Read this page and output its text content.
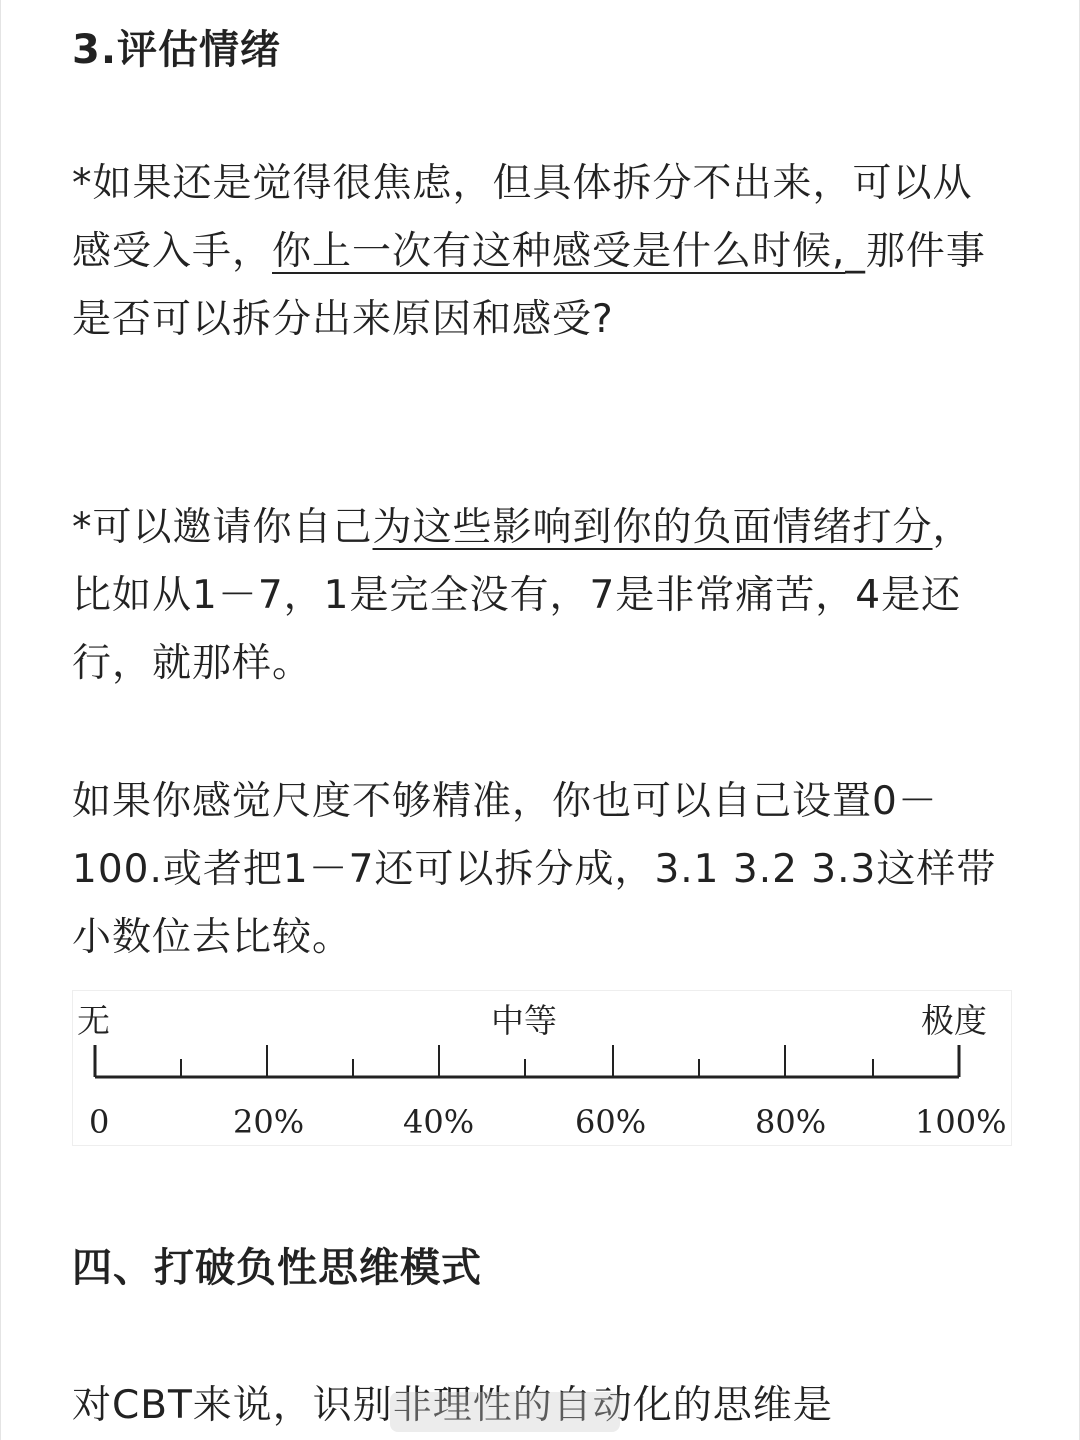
3.评估情绪

*如果还是觉得很焦虑，但具体拆分不出来，可以从感受入手，你上一次有这种感受是什么时候,_那件事是否可以拆分出来原因和感受?

*可以邀请你自己为这些影响到你的负面情绪打分，比如从1－7，1是完全没有，7是非常痛苦，4是还行，就那样。

如果你感觉尺度不够精准，你也可以自己设置0－100.或者把1－7还可以拆分成，3.1 3.2 3.3这样带小数位去比较。

四、打破负性思维模式

对CBT来说，识别非理性的自动化的思维是

无	中等	极度
0	20%	40%	60%	80%	100%
